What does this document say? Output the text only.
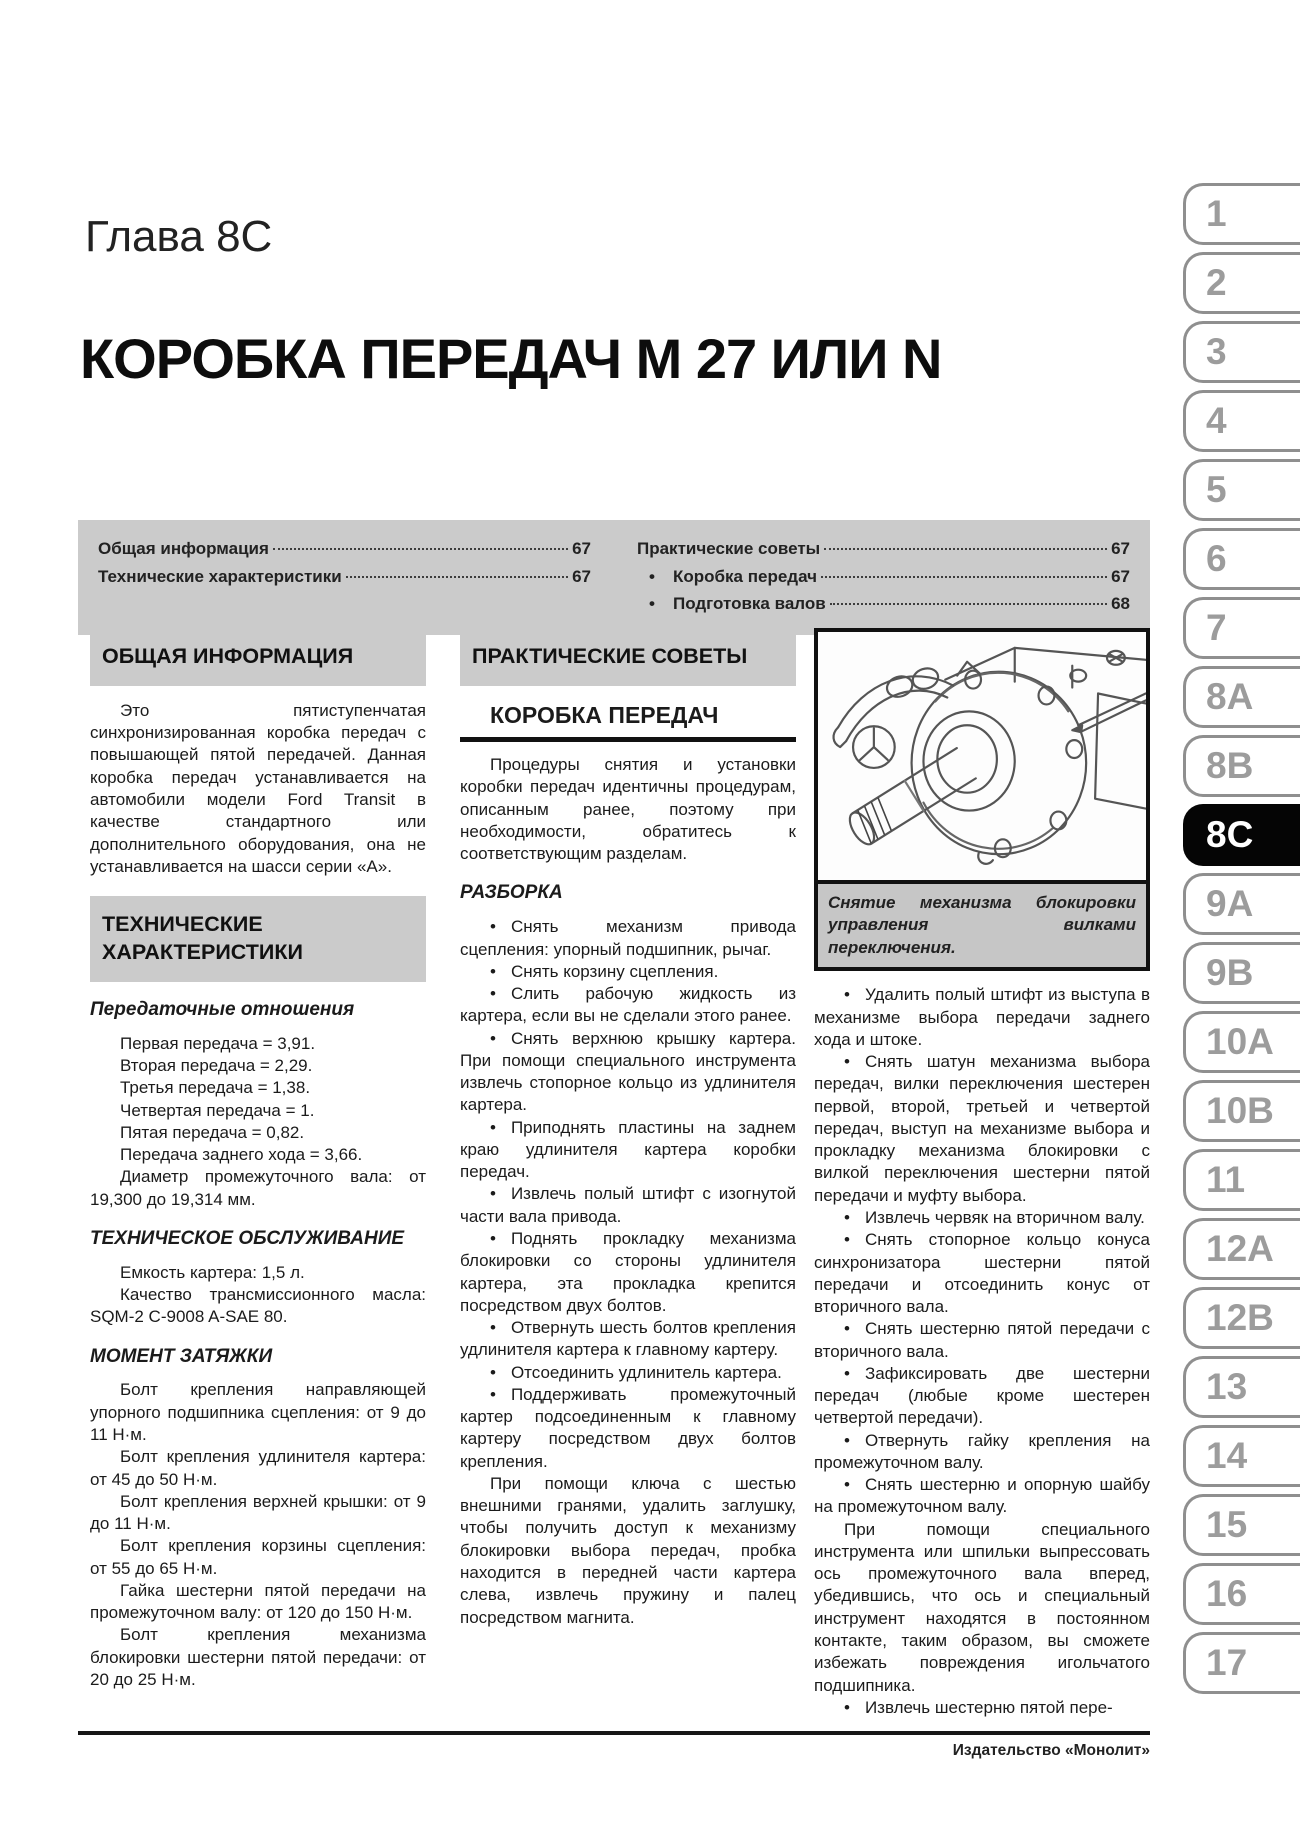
Глава 8C
КОРОБКА ПЕРЕДАЧ M 27 ИЛИ N
Общая информация	67
Технические характеристики	67
Практические советы	67
• Коробка передач	67
• Подготовка валов	68
ОБЩАЯ ИНФОРМАЦИЯ

Это пятиступенчатая синхронизированная коробка передач с повышающей пятой передачей. Данная коробка передач устанавливается на автомобили модели Ford Transit в качестве стандартного или дополнительного оборудования, она не устанавливается на шасси серии «А».

ТЕХНИЧЕСКИЕ ХАРАКТЕРИСТИКИ

Передаточные отношения

Первая передача = 3,91.
Вторая передача = 2,29.
Третья передача = 1,38.
Четвертая передача = 1.
Пятая передача = 0,82.
Передача заднего хода = 3,66.

Диаметр промежуточного вала: от 19,300 до 19,314 мм.

ТЕХНИЧЕСКОЕ ОБСЛУЖИВАНИЕ

Емкость картера: 1,5 л.

Качество трансмиссионного масла: SQM-2 C-9008 A-SAE 80.

МОМЕНТ ЗАТЯЖКИ

Болт крепления направляющей упорного подшипника сцепления: от 9 до 11 Н·м.

Болт крепления удлинителя картера: от 45 до 50 Н·м.

Болт крепления верхней крышки: от 9 до 11 Н·м.

Болт крепления корзины сцепления: от 55 до 65 Н·м.

Гайка шестерни пятой передачи на промежуточном валу: от 120 до 150 Н·м.

Болт крепления механизма блокировки шестерни пятой передачи: от 20 до 25 Н·м.

ПРАКТИЧЕСКИЕ СОВЕТЫ

КОРОБКА ПЕРЕДАЧ

Процедуры снятия и установки коробки передач идентичны процедурам, описанным ранее, поэтому при необходимости, обратитесь к соответствующим разделам.

РАЗБОРКА

• Снять механизм привода сцепления: упорный подшипник, рычаг.

• Снять корзину сцепления.

• Слить рабочую жидкость из картера, если вы не сделали этого ранее.

• Снять верхнюю крышку картера. При помощи специального инструмента извлечь стопорное кольцо из удлинителя картера.

• Приподнять пластины на заднем краю удлинителя картера коробки передач.

• Извлечь полый штифт с изогнутой части вала привода.

• Поднять прокладку механизма блокировки со стороны удлинителя картера, эта прокладка крепится посредством двух болтов.

• Отвернуть шесть болтов крепления удлинителя картера к главному картеру.

• Отсоединить удлинитель картера.

• Поддерживать промежуточный картер подсоединенным к главному картеру посредством двух болтов крепления.

При помощи ключа с шестью внешними гранями, удалить заглушку, чтобы получить доступ к механизму блокировки выбора передач, пробка находится в передней части картера слева, извлечь пружину и палец посредством магнита.

Снятие механизма блокировки управления вилками переключения.

• Удалить полый штифт из выступа в механизме выбора передачи заднего хода и штоке.

• Снять шатун механизма выбора передач, вилки переключения шестерен первой, второй, третьей и четвертой передач, выступ на механизме выбора и прокладку механизма блокировки с вилкой переключения шестерни пятой передачи и муфту выбора.

• Извлечь червяк на вторичном валу.

• Снять стопорное кольцо конуса синхронизатора шестерни пятой передачи и отсоединить конус от вторичного вала.

• Снять шестерню пятой передачи с вторичного вала.

• Зафиксировать две шестерни передач (любые кроме шестерен четвертой передачи).

• Отвернуть гайку крепления на промежуточном валу.

• Снять шестерню и опорную шайбу на промежуточном валу.

При помощи специального инструмента или шпильки выпрессовать ось промежуточного вала вперед, убедившись, что ось и специальный инструмент находятся в постоянном контакте, таким образом, вы сможете избежать повреждения игольчатого подшипника.

• Извлечь шестерню пятой пере-

1
2
3
4
5
6
7
8A
8B
8C
9A
9B
10A
10B
11
12A
12B
13
14
15
16
17
Издательство «Монолит»
